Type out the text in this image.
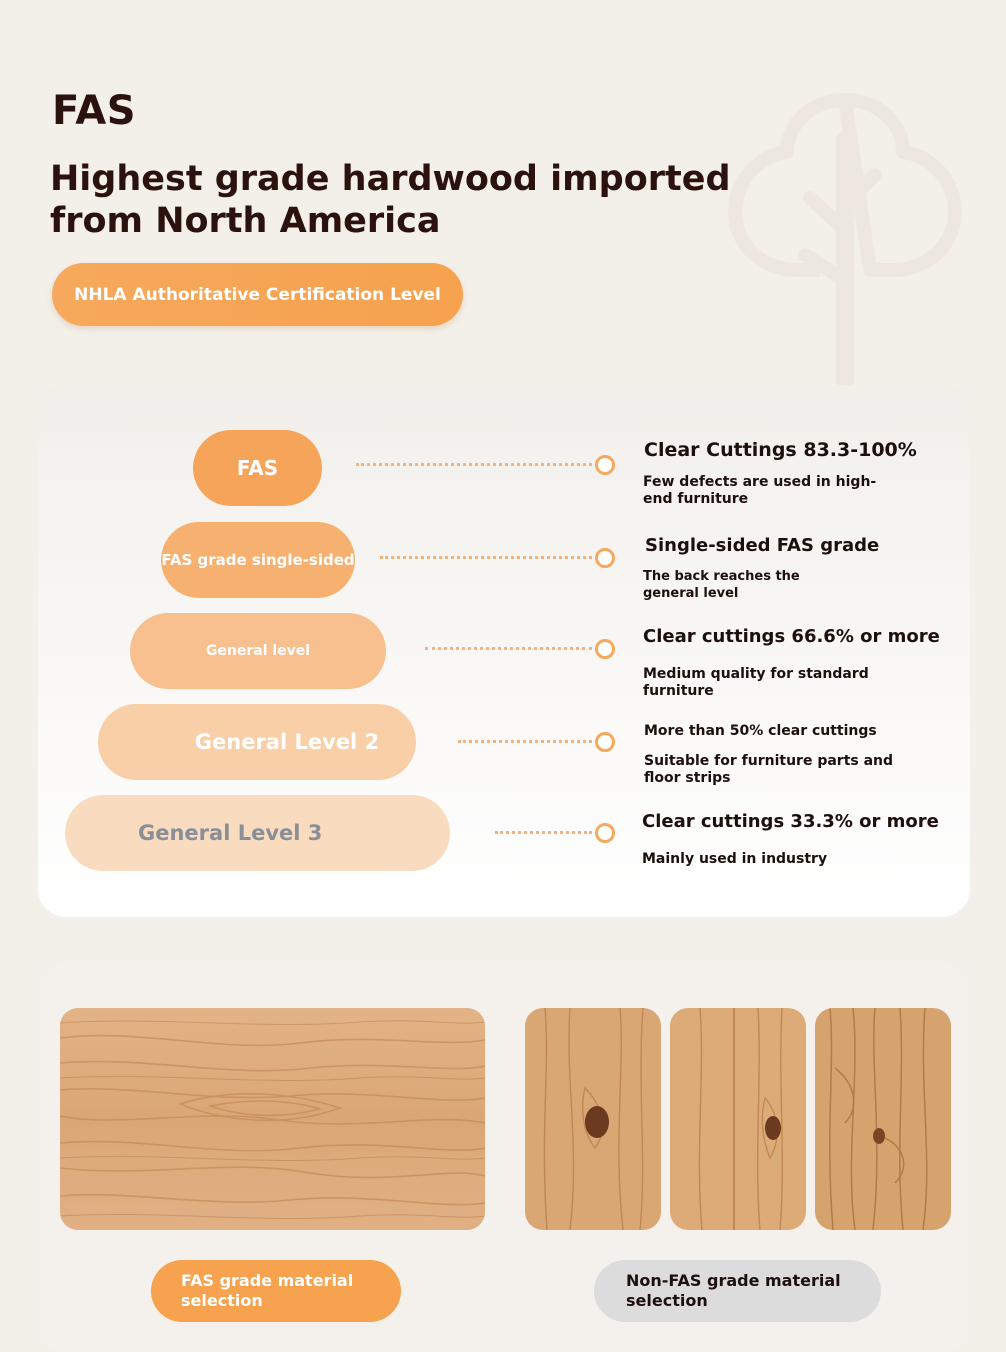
FAS
Highest grade hardwood imported from North America
NHLA Authoritative Certification Level
FAS
FAS grade single-sided
General level
General Level 2
General Level 3
Clear Cuttings 83.3-100%
Few defects are used in high-end furniture
Single-sided FAS grade
The back reaches the general level
Clear cuttings 66.6% or more
Medium quality for standard furniture
More than 50% clear cuttings
Suitable for furniture parts and floor strips
Clear cuttings 33.3% or more
Mainly used in industry
FAS grade material selection
Non-FAS grade material selection
